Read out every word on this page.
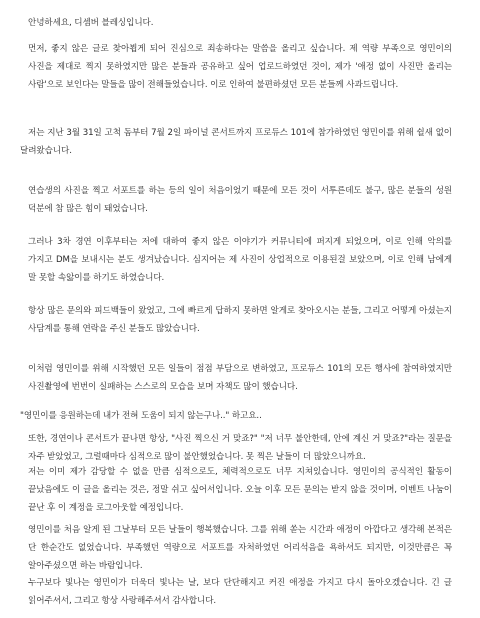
안녕하세요, 디셈버 블레싱입니다.

먼저, 좋지 않은 글로 찾아뵙게 되어 진심으로 죄송하다는 말씀을 올리고 싶습니다. 제 역량 부족으로 영민이의 사진을 제대로 찍지 못하였지만 많은 분들과 공유하고 싶어 업로드하였던 것이, 제가 '애정 없이 사진만 올리는 사람'으로 보인다는 말들을 많이 전해들었습니다. 이로 인하여 불편하셨던 모든 분들께 사과드립니다.

저는 지난 3월 31일 고척 돔부터 7월 2일 파이널 콘서트까지 프로듀스 101에 참가하였던 영민이를 위해 쉴새 없이 달려왔습니다.

연습생의 사진을 찍고 서포트를 하는 등의 일이 처음이었기 때문에 모든 것이 서투른데도 불구, 많은 분들의 성원 덕분에 참 많은 힘이 돼었습니다.

그러나 3차 경연 이후부터는 저에 대하여 좋지 않은 이야기가 커뮤니티에 퍼지게 되었으며, 이로 인해 악의를 가지고 DM을 보내시는 분도 생겨났습니다. 심지어는 제 사진이 상업적으로 이용된걸 보았으며, 이로 인해 남에게 말 못할 속앓이를 하기도 하였습니다.

항상 많은 문의와 피드백들이 왔었고, 그에 빠르게 답하지 못하면 알게로 찾아오시는 분들, 그리고 어떻게 아셨는지 사담계를 통해 연락을 주신 분들도 많았습니다.

이처럼 영민이를 위해 시작했던 모든 일들이 점점 부담으로 변하였고, 프로듀스 101의 모든 행사에 참여하였지만 사진촬영에 번번이 실패하는 스스로의 모습을 보며 자책도 많이 했습니다.

"영민이를 응원하는데 내가 전혀 도움이 되지 않는구나.." 하고요..

또한, 경연이나 콘서트가 끝나면 항상, "사진 찍으신 거 맞죠?" "저 너무 불안한데, 안에 계신 거 맞죠?"라는 질문을 자주 받았었고, 그럴때마다 심적으로 많이 불안했었습니다. 못 찍은 날들이 더 많았으니까요.

저는 이미 제가 감당할 수 없을 만큼 심적으로도, 체력적으로도 너무 지쳐있습니다. 영민이의 공식적인 활동이 끝났음에도 이 글을 올리는 것은, 정말 쉬고 싶어서입니다. 오늘 이후 모든 문의는 받지 않을 것이며, 이벤트 나눔이 끝난 후 이 계정을 로그아웃할 예정입니다.

영민이를 처음 알게 된 그날부터 모든 날들이 행복했습니다. 그를 위해 쏟는 시간과 애정이 아깝다고 생각해 본적은 단 한순간도 없었습니다. 부족했던 역량으로 서포트를 자처하였던 어리석음을 욕하셔도 되지만, 이것만큼은 꼭 알아주셨으면 하는 바람입니다.

누구보다 빛나는 영민이가 더욱더 빛나는 날, 보다 단단해지고 커진 애정을 가지고 다시 돌아오겠습니다. 긴 글 읽어주셔서, 그리고 항상 사랑해주셔서 감사합니다.
